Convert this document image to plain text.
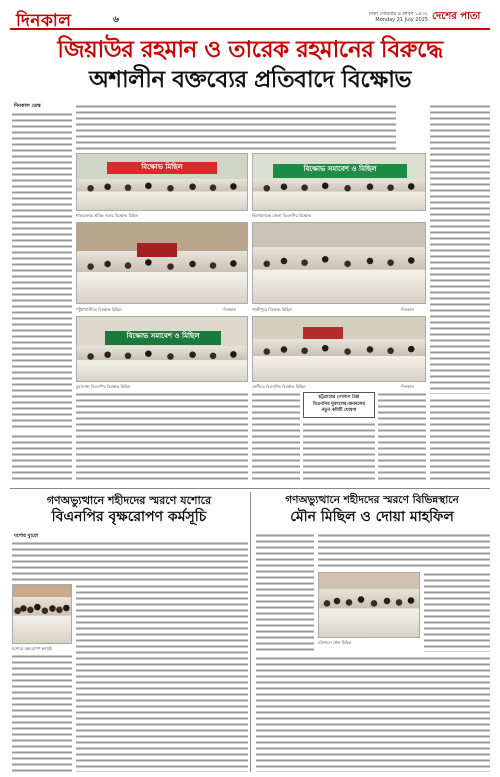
দিনকাল	৬
ঢাকা সোমবার ৬ শ্রাবণ ১৪৩২
Monday 21 July 2025 দেশের পাতা
জিয়াউর রহমান ও তারেক রহমানের বিরুদ্ধে
অশালীন বক্তব্যের প্রতিবাদে বিক্ষোভ
দিনকাল ডেস্ক
বিক্ষোভ মিছিল
শাহাবেলায় শ্রমিক দলের বিক্ষোভ মিছিল
বিক্ষোভ সমাবেশ ও মিছিল
কিশোরগঞ্জে জেলা বিএনপির বিক্ষোভ
পটুয়াখালীতে বিক্ষোভ মিছিল	-দিনকাল	গাজীপুরে বিক্ষোভ মিছিল	-দিনকাল
বিক্ষোভ সমাবেশ ও মিছিল
চুয়াডাঙ্গা বিএনপির বিক্ষোভ মিছিল	ফেনীতে বিএনপির বিক্ষোভ মিছিল	-দিনকাল
চট্টগ্রামের গোলাপ প্রিয়
বিএনপির যুবদলের-জনদলের
নতুন কমিটি ঘোষণা
গণঅভ্যুত্থানে শহীদদের স্মরণে যশোরে
বিএনপির বৃক্ষরোপণ কর্মসূচি
গণঅভ্যুত্থানে শহীদদের স্মরণে বিভিন্নস্থানে
মৌন মিছিল ও দোয়া মাহফিল
যশোর ব্যুরো
যশোরে বৃক্ষরোপণ কর্মসূচি
বরিশালে মৌন মিছিল
